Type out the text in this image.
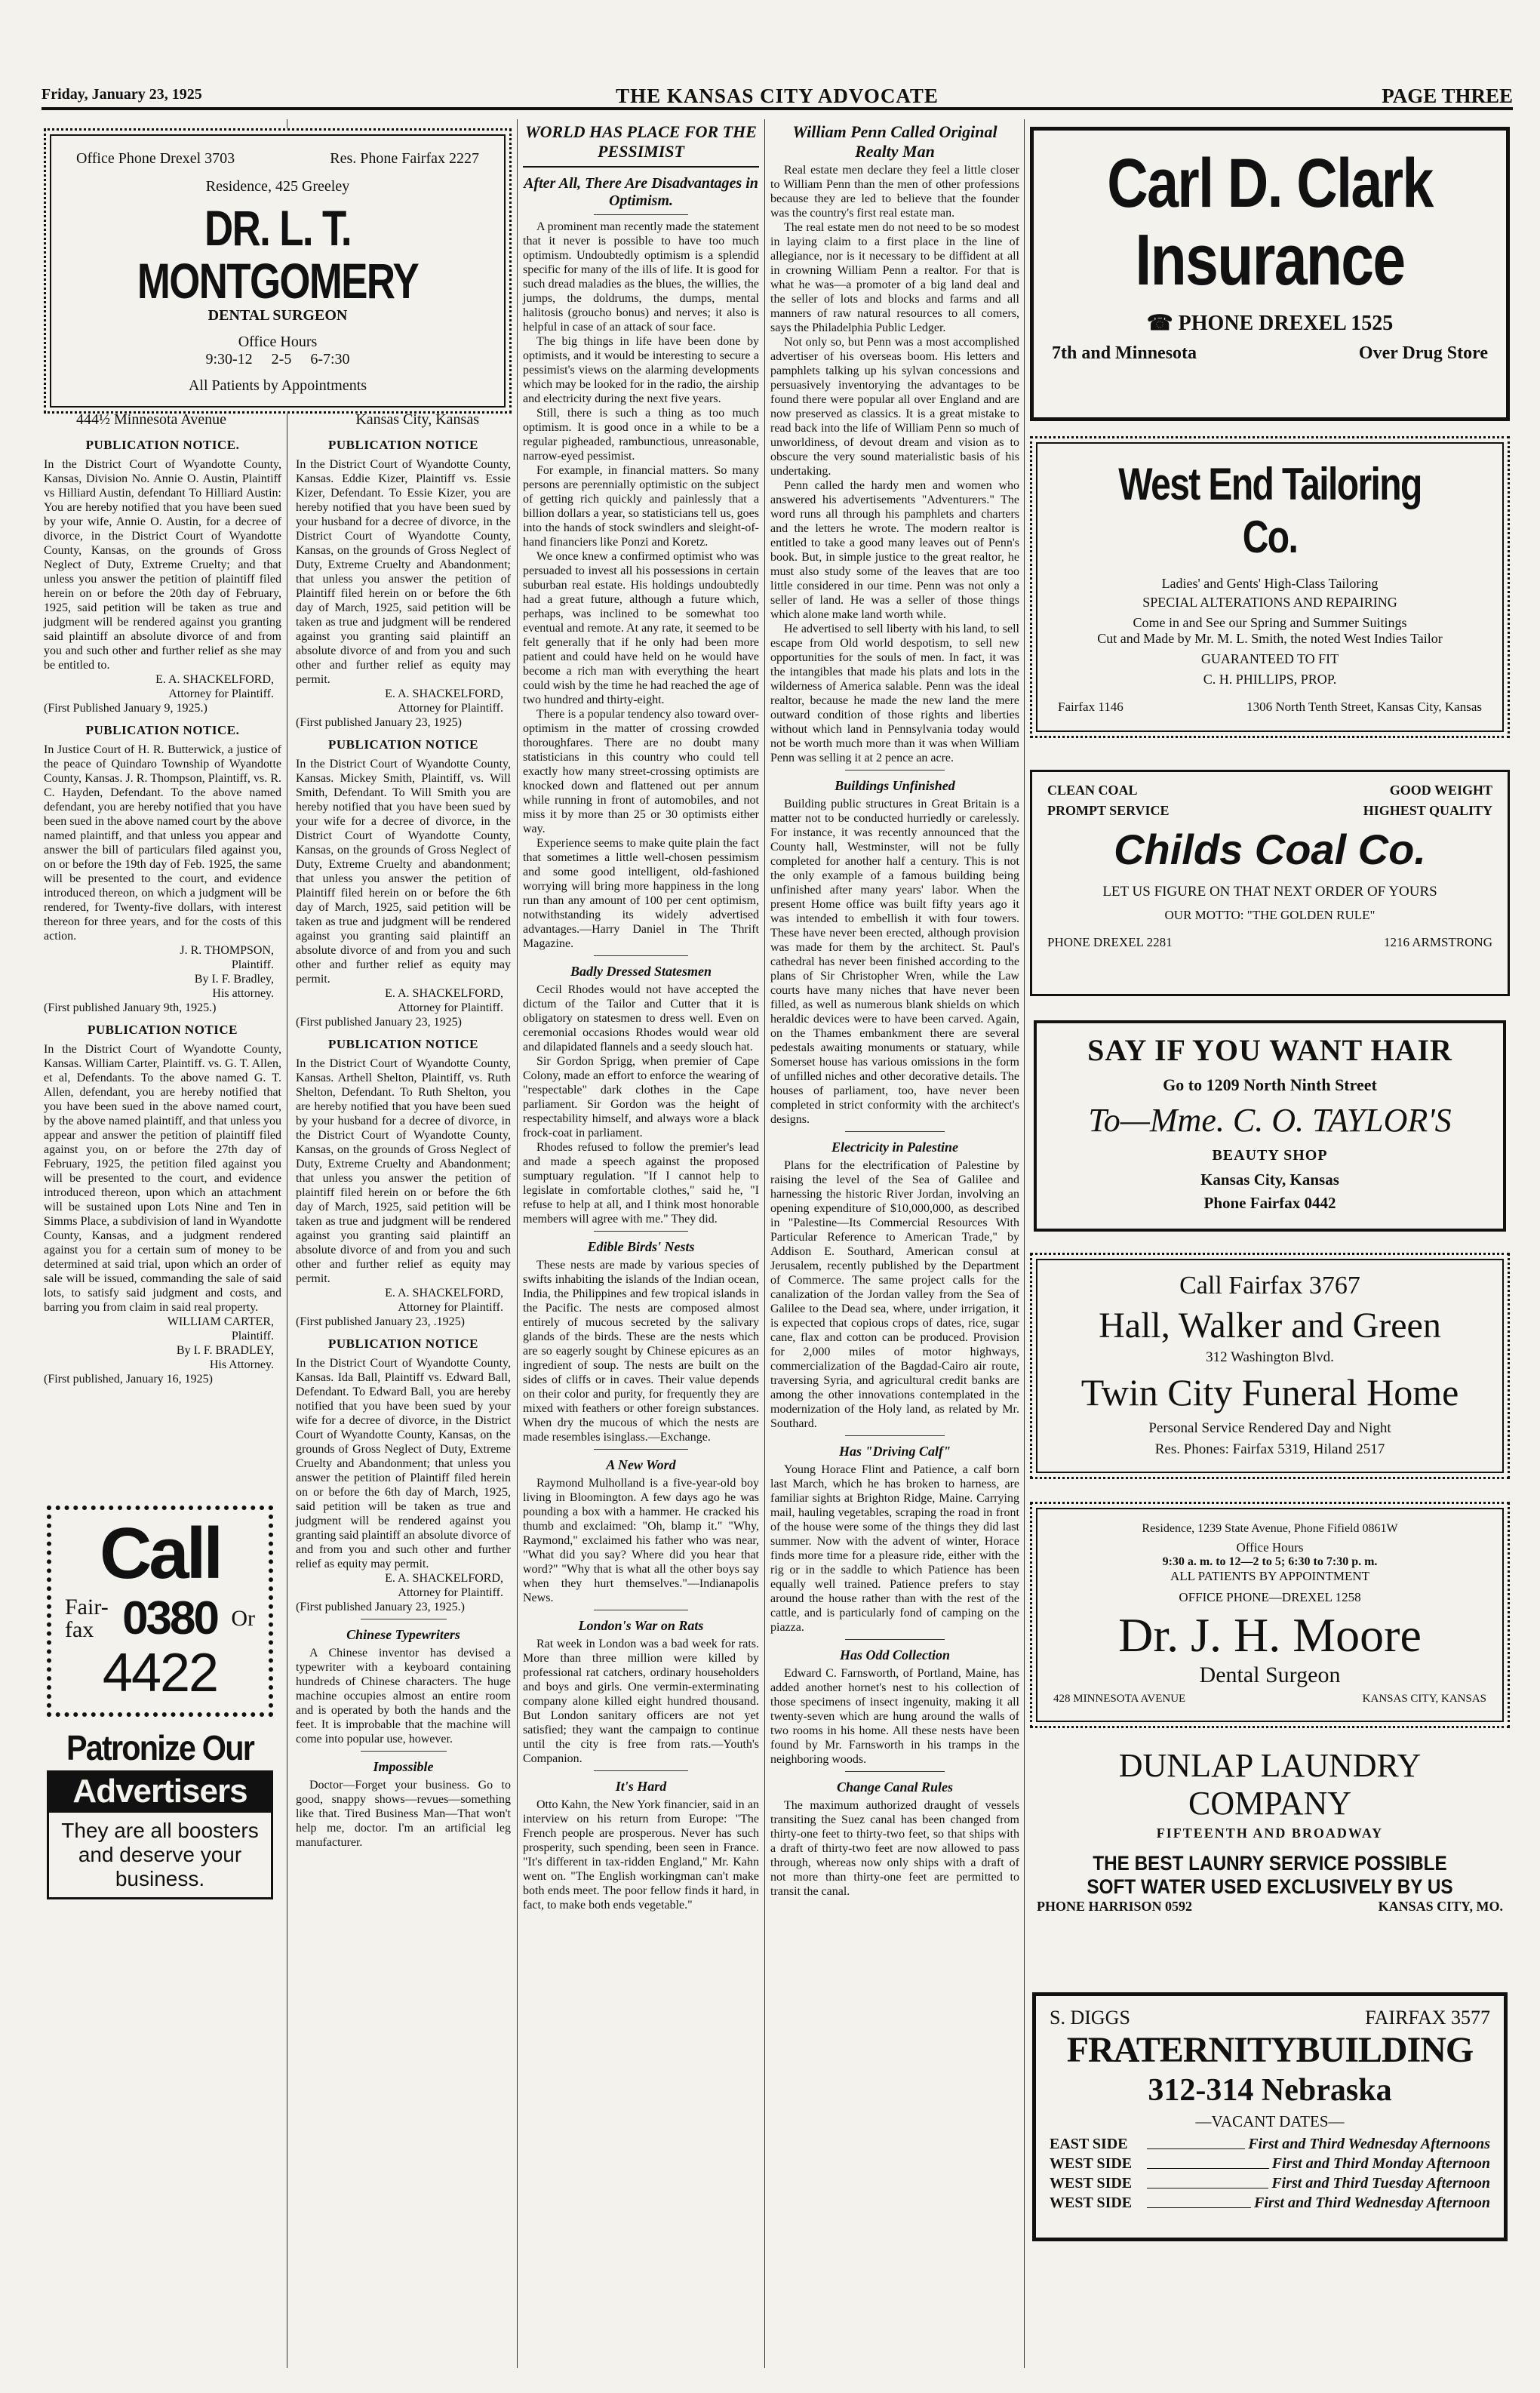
Friday, January 23, 1925	THE KANSAS CITY ADVOCATE	PAGE THREE
Office Phone Drexel 3703	Res. Phone Fairfax 2227
Residence, 425 Greeley
DR. L. T. MONTGOMERY
DENTAL SURGEON
Office Hours
9:30-12     2-5     6-7:30
All Patients by Appointments
444½ Minnesota Avenue	Kansas City, Kansas
PUBLICATION NOTICE.

In the District Court of Wyandotte County, Kansas, Division No. Annie O. Austin, Plaintiff vs Hilliard Austin, defendant To Hilliard Austin: You are hereby notified that you have been sued by your wife, Annie O. Austin, for a decree of divorce, in the District Court of Wyandotte County, Kansas, on the grounds of Gross Neglect of Duty, Extreme Cruelty; and that unless you answer the petition of plaintiff filed herein on or before the 20th day of February, 1925, said petition will be taken as true and judgment will be rendered against you granting said plaintiff an absolute divorce of and from you and such other and further relief as she may be entitled to.

E. A. SHACKELFORD,

Attorney for Plaintiff.

(First Published January 9, 1925.)

PUBLICATION NOTICE.

In Justice Court of H. R. Butterwick, a justice of the peace of Quindaro Township of Wyandotte County, Kansas. J. R. Thompson, Plaintiff, vs. R. C. Hayden, Defendant. To the above named defendant, you are hereby notified that you have been sued in the above named court by the above named plaintiff, and that unless you appear and answer the bill of particulars filed against you, on or before the 19th day of Feb. 1925, the same will be presented to the court, and evidence introduced thereon, on which a judgment will be rendered, for Twenty-five dollars, with interest thereon for three years, and for the costs of this action.

J. R. THOMPSON,

Plaintiff.

By I. F. Bradley,

His attorney.

(First published January 9th, 1925.)

PUBLICATION NOTICE

In the District Court of Wyandotte County, Kansas. William Carter, Plaintiff. vs. G. T. Allen, et al, Defendants. To the above named G. T. Allen, defendant, you are hereby notified that you have been sued in the above named court, by the above named plaintiff, and that unless you appear and answer the petition of plaintiff filed against you, on or before the 27th day of February, 1925, the petition filed against you will be presented to the court, and evidence introduced thereon, upon which an attachment will be sustained upon Lots Nine and Ten in Simms Place, a subdivision of land in Wyandotte County, Kansas, and a judgment rendered against you for a certain sum of money to be determined at said trial, upon which an order of sale will be issued, commanding the sale of said lots, to satisfy said judgment and costs, and barring you from claim in said real property.

WILLIAM CARTER,

Plaintiff.

By I. F. BRADLEY,

His Attorney.

(First published, January 16, 1925)

Call
Fair-
fax 0380 Or
4422
Patronize Our
Advertisers
They are all boosters and deserve your business.
PUBLICATION NOTICE

In the District Court of Wyandotte County, Kansas. Eddie Kizer, Plaintiff vs. Essie Kizer, Defendant. To Essie Kizer, you are hereby notified that you have been sued by your husband for a decree of divorce, in the District Court of Wyandotte County, Kansas, on the grounds of Gross Neglect of Duty, Extreme Cruelty and Abandonment; that unless you answer the petition of Plaintiff filed herein on or before the 6th day of March, 1925, said petition will be taken as true and judgment will be rendered against you granting said plaintiff an absolute divorce of and from you and such other and further relief as equity may permit.

E. A. SHACKELFORD,

Attorney for Plaintiff.

(First published January 23, 1925)

PUBLICATION NOTICE

In the District Court of Wyandotte County, Kansas. Mickey Smith, Plaintiff, vs. Will Smith, Defendant. To Will Smith you are hereby notified that you have been sued by your wife for a decree of divorce, in the District Court of Wyandotte County, Kansas, on the grounds of Gross Neglect of Duty, Extreme Cruelty and abandonment; that unless you answer the petition of Plaintiff filed herein on or before the 6th day of March, 1925, said petition will be taken as true and judgment will be rendered against you granting said plaintiff an absolute divorce of and from you and such other and further relief as equity may permit.

E. A. SHACKELFORD,

Attorney for Plaintiff.

(First published January 23, 1925)

PUBLICATION NOTICE

In the District Court of Wyandotte County, Kansas. Arthell Shelton, Plaintiff, vs. Ruth Shelton, Defendant. To Ruth Shelton, you are hereby notified that you have been sued by your husband for a decree of divorce, in the District Court of Wyandotte County, Kansas, on the grounds of Gross Neglect of Duty, Extreme Cruelty and Abandonment; that unless you answer the petition of plaintiff filed herein on or before the 6th day of March, 1925, said petition will be taken as true and judgment will be rendered against you granting said plaintiff an absolute divorce of and from you and such other and further relief as equity may permit.

E. A. SHACKELFORD,

Attorney for Plaintiff.

(First published January 23, .1925)

PUBLICATION NOTICE

In the District Court of Wyandotte County, Kansas. Ida Ball, Plaintiff vs. Edward Ball, Defendant. To Edward Ball, you are hereby notified that you have been sued by your wife for a decree of divorce, in the District Court of Wyandotte County, Kansas, on the grounds of Gross Neglect of Duty, Extreme Cruelty and Abandonment; that unless you answer the petition of Plaintiff filed herein on or before the 6th day of March, 1925, said petition will be taken as true and judgment will be rendered against you granting said plaintiff an absolute divorce of and from you and such other and further relief as equity may permit.

E. A. SHACKELFORD,

Attorney for Plaintiff.

(First published January 23, 1925.)

Chinese Typewriters

A Chinese inventor has devised a typewriter with a keyboard containing hundreds of Chinese characters. The huge machine occupies almost an entire room and is operated by both the hands and the feet. It is improbable that the machine will come into popular use, however.

Impossible

Doctor—Forget your business. Go to good, snappy shows—revues—something like that. Tired Business Man—That won't help me, doctor. I'm an artificial leg manufacturer.

WORLD HAS PLACE FOR THE PESSIMIST
After All, There Are Disadvantages in Optimism.

A prominent man recently made the statement that it never is possible to have too much optimism. Undoubtedly optimism is a splendid specific for many of the ills of life. It is good for such dread maladies as the blues, the willies, the jumps, the doldrums, the dumps, mental halitosis (groucho bonus) and nerves; it also is helpful in case of an attack of sour face.

The big things in life have been done by optimists, and it would be interesting to secure a pessimist's views on the alarming developments which may be looked for in the radio, the airship and electricity during the next five years.

Still, there is such a thing as too much optimism. It is good once in a while to be a regular pigheaded, rambunctious, unreasonable, narrow-eyed pessimist.

For example, in financial matters. So many persons are perennially optimistic on the subject of getting rich quickly and painlessly that a billion dollars a year, so statisticians tell us, goes into the hands of stock swindlers and sleight-of-hand financiers like Ponzi and Koretz.

We once knew a confirmed optimist who was persuaded to invest all his possessions in certain suburban real estate. His holdings undoubtedly had a great future, although a future which, perhaps, was inclined to be somewhat too eventual and remote. At any rate, it seemed to be felt generally that if he only had been more patient and could have held on he would have become a rich man with everything the heart could wish by the time he had reached the age of two hundred and thirty-eight.

There is a popular tendency also toward over-optimism in the matter of crossing crowded thoroughfares. There are no doubt many statisticians in this country who could tell exactly how many street-crossing optimists are knocked down and flattened out per annum while running in front of automobiles, and not miss it by more than 25 or 30 optimists either way.

Experience seems to make quite plain the fact that sometimes a little well-chosen pessimism and some good intelligent, old-fashioned worrying will bring more happiness in the long run than any amount of 100 per cent optimism, notwithstanding its widely advertised advantages.—Harry Daniel in The Thrift Magazine.

Badly Dressed Statesmen

Cecil Rhodes would not have accepted the dictum of the Tailor and Cutter that it is obligatory on statesmen to dress well. Even on ceremonial occasions Rhodes would wear old and dilapidated flannels and a seedy slouch hat.

Sir Gordon Sprigg, when premier of Cape Colony, made an effort to enforce the wearing of "respectable" dark clothes in the Cape parliament. Sir Gordon was the height of respectability himself, and always wore a black frock-coat in parliament.

Rhodes refused to follow the premier's lead and made a speech against the proposed sumptuary regulation. "If I cannot help to legislate in comfortable clothes," said he, "I refuse to help at all, and I think most honorable members will agree with me." They did.

Edible Birds' Nests

These nests are made by various species of swifts inhabiting the islands of the Indian ocean, India, the Philippines and few tropical islands in the Pacific. The nests are composed almost entirely of mucous secreted by the salivary glands of the birds. These are the nests which are so eagerly sought by Chinese epicures as an ingredient of soup. The nests are built on the sides of cliffs or in caves. Their value depends on their color and purity, for frequently they are mixed with feathers or other foreign substances. When dry the mucous of which the nests are made resembles isinglass.—Exchange.

A New Word

Raymond Mulholland is a five-year-old boy living in Bloomington. A few days ago he was pounding a box with a hammer. He cracked his thumb and exclaimed: "Oh, blamp it." "Why, Raymond," exclaimed his father who was near, "What did you say? Where did you hear that word?" "Why that is what all the other boys say when they hurt themselves."—Indianapolis News.

London's War on Rats

Rat week in London was a bad week for rats. More than three million were killed by professional rat catchers, ordinary householders and boys and girls. One vermin-exterminating company alone killed eight hundred thousand. But London sanitary officers are not yet satisfied; they want the campaign to continue until the city is free from rats.—Youth's Companion.

It's Hard

Otto Kahn, the New York financier, said in an interview on his return from Europe: "The French people are prosperous. Never has such prosperity, such spending, been seen in France. "It's different in tax-ridden England," Mr. Kahn went on. "The English workingman can't make both ends meet. The poor fellow finds it hard, in fact, to make both ends vegetable."

William Penn Called Original Realty Man

Real estate men declare they feel a little closer to William Penn than the men of other professions because they are led to believe that the founder was the country's first real estate man.

The real estate men do not need to be so modest in laying claim to a first place in the line of allegiance, nor is it necessary to be diffident at all in crowning William Penn a realtor. For that is what he was—a promoter of a big land deal and the seller of lots and blocks and farms and all manners of raw natural resources to all comers, says the Philadelphia Public Ledger.

Not only so, but Penn was a most accomplished advertiser of his overseas boom. His letters and pamphlets talking up his sylvan concessions and persuasively inventorying the advantages to be found there were popular all over England and are now preserved as classics. It is a great mistake to read back into the life of William Penn so much of unworldiness, of devout dream and vision as to obscure the very sound materialistic basis of his undertaking.

Penn called the hardy men and women who answered his advertisements "Adventurers." The word runs all through his pamphlets and charters and the letters he wrote. The modern realtor is entitled to take a good many leaves out of Penn's book. But, in simple justice to the great realtor, he must also study some of the leaves that are too little considered in our time. Penn was not only a seller of land. He was a seller of those things which alone make land worth while.

He advertised to sell liberty with his land, to sell escape from Old world despotism, to sell new opportunities for the souls of men. In fact, it was the intangibles that made his plats and lots in the wilderness of America salable. Penn was the ideal realtor, because he made the new land the mere outward condition of those rights and liberties without which land in Pennsylvania today would not be worth much more than it was when William Penn was selling it at 2 pence an acre.

Buildings Unfinished

Building public structures in Great Britain is a matter not to be conducted hurriedly or carelessly. For instance, it was recently announced that the County hall, Westminster, will not be fully completed for another half a century. This is not the only example of a famous building being unfinished after many years' labor. When the present Home office was built fifty years ago it was intended to embellish it with four towers. These have never been erected, although provision was made for them by the architect. St. Paul's cathedral has never been finished according to the plans of Sir Christopher Wren, while the Law courts have many niches that have never been filled, as well as numerous blank shields on which heraldic devices were to have been carved. Again, on the Thames embankment there are several pedestals awaiting monuments or statuary, while Somerset house has various omissions in the form of unfilled niches and other decorative details. The houses of parliament, too, have never been completed in strict conformity with the architect's designs.

Electricity in Palestine

Plans for the electrification of Palestine by raising the level of the Sea of Galilee and harnessing the historic River Jordan, involving an opening expenditure of $10,000,000, as described in "Palestine—Its Commercial Resources With Particular Reference to American Trade," by Addison E. Southard, American consul at Jerusalem, recently published by the Department of Commerce. The same project calls for the canalization of the Jordan valley from the Sea of Galilee to the Dead sea, where, under irrigation, it is expected that copious crops of dates, rice, sugar cane, flax and cotton can be produced. Provision for 2,000 miles of motor highways, commercialization of the Bagdad-Cairo air route, traversing Syria, and agricultural credit banks are among the other innovations contemplated in the modernization of the Holy land, as related by Mr. Southard.

Has "Driving Calf"

Young Horace Flint and Patience, a calf born last March, which he has broken to harness, are familiar sights at Brighton Ridge, Maine. Carrying mail, hauling vegetables, scraping the road in front of the house were some of the things they did last summer. Now with the advent of winter, Horace finds more time for a pleasure ride, either with the rig or in the saddle to which Patience has been equally well trained. Patience prefers to stay around the house rather than with the rest of the cattle, and is particularly fond of camping on the piazza.

Has Odd Collection

Edward C. Farnsworth, of Portland, Maine, has added another hornet's nest to his collection of those specimens of insect ingenuity, making it all twenty-seven which are hung around the walls of two rooms in his home. All these nests have been found by Mr. Farnsworth in his tramps in the neighboring woods.

Change Canal Rules

The maximum authorized draught of vessels transiting the Suez canal has been changed from thirty-one feet to thirty-two feet, so that ships with a draft of thirty-two feet are now allowed to pass through, whereas now only ships with a draft of not more than thirty-one feet are permitted to transit the canal.

Carl D. Clark
Insurance
☎ PHONE DREXEL 1525
7th and Minnesota	Over Drug Store
West End Tailoring Co.
Ladies' and Gents' High-Class Tailoring
SPECIAL ALTERATIONS AND REPAIRING
Come in and See our Spring and Summer Suitings
Cut and Made by Mr. M. L. Smith, the noted West Indies Tailor
GUARANTEED TO FIT
C. H. PHILLIPS, PROP.
Fairfax 1146	1306 North Tenth Street, Kansas City, Kansas
CLEAN COAL	GOOD WEIGHT
PROMPT SERVICE	HIGHEST QUALITY
Childs Coal Co.
LET US FIGURE ON THAT NEXT ORDER OF YOURS
OUR MOTTO: "THE GOLDEN RULE"
PHONE DREXEL 2281	1216 ARMSTRONG
SAY IF YOU WANT HAIR
Go to 1209 North Ninth Street
To—Mme. C. O. TAYLOR'S
BEAUTY SHOP
Kansas City, Kansas
Phone Fairfax 0442
Call Fairfax 3767
Hall, Walker and Green
312 Washington Blvd.
Twin City Funeral Home
Personal Service Rendered Day and Night
Res. Phones: Fairfax 5319, Hiland 2517
Residence, 1239 State Avenue, Phone Fifield 0861W
Office Hours
9:30 a. m. to 12—2 to 5; 6:30 to 7:30 p. m.
ALL PATIENTS BY APPOINTMENT
OFFICE PHONE—DREXEL 1258
Dr. J. H. Moore
Dental Surgeon
428 MINNESOTA AVENUE	KANSAS CITY, KANSAS
DUNLAP LAUNDRY
COMPANY
FIFTEENTH AND BROADWAY
THE BEST LAUNRY SERVICE POSSIBLE
SOFT WATER USED EXCLUSIVELY BY US
PHONE HARRISON 0592	KANSAS CITY, MO.
S. DIGGS	FAIRFAX 3577
FRATERNITYBUILDING
312-314 Nebraska
—VACANT DATES—
EAST SIDE	First and Third Wednesday Afternoons
WEST SIDE	First and Third Monday Afternoon
WEST SIDE	First and Third Tuesday Afternoon
WEST SIDE	First and Third Wednesday Afternoon
